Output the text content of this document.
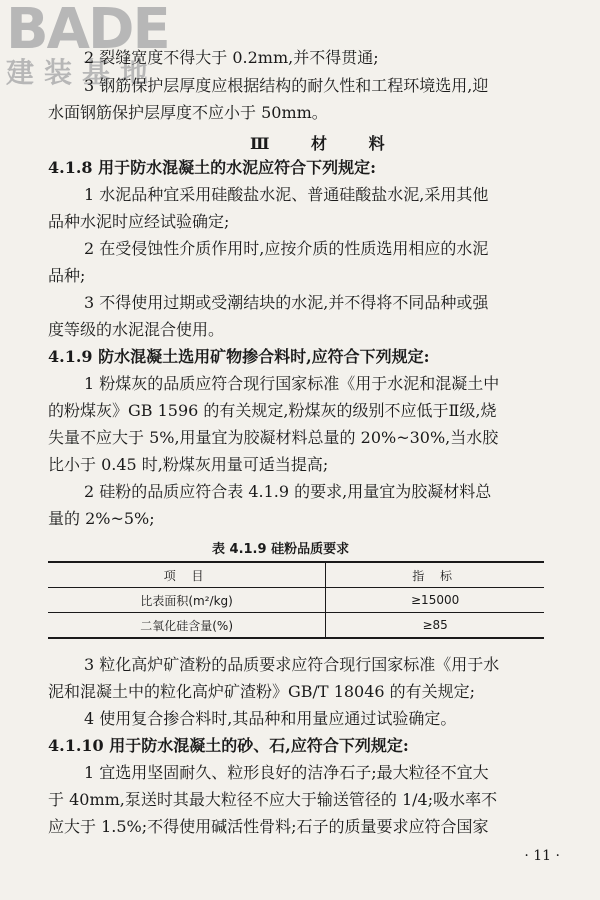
BADE
建装基地
2 裂缝宽度不得大于 0.2mm,并不得贯通;
3 钢筋保护层厚度应根据结构的耐久性和工程环境选用,迎
水面钢筋保护层厚度不应小于 50mm。
Ⅲ 材 料
4.1.8 用于防水混凝土的水泥应符合下列规定:
1 水泥品种宜采用硅酸盐水泥、普通硅酸盐水泥,采用其他
品种水泥时应经试验确定;
2 在受侵蚀性介质作用时,应按介质的性质选用相应的水泥
品种;
3 不得使用过期或受潮结块的水泥,并不得将不同品种或强
度等级的水泥混合使用。
4.1.9 防水混凝土选用矿物掺合料时,应符合下列规定:
1 粉煤灰的品质应符合现行国家标准《用于水泥和混凝土中
的粉煤灰》GB 1596 的有关规定,粉煤灰的级别不应低于Ⅱ级,烧
失量不应大于 5%,用量宜为胶凝材料总量的 20%~30%,当水胶
比小于 0.45 时,粉煤灰用量可适当提高;
2 硅粉的品质应符合表 4.1.9 的要求,用量宜为胶凝材料总
量的 2%~5%;
表 4.1.9 硅粉品质要求
项 目	指 标
比表面积(m²/kg)	≥15000
二氧化硅含量(%)	≥85
3 粒化高炉矿渣粉的品质要求应符合现行国家标准《用于水
泥和混凝土中的粒化高炉矿渣粉》GB/T 18046 的有关规定;
4 使用复合掺合料时,其品种和用量应通过试验确定。
4.1.10 用于防水混凝土的砂、石,应符合下列规定:
1 宜选用坚固耐久、粒形良好的洁净石子;最大粒径不宜大
于 40mm,泵送时其最大粒径不应大于输送管径的 1/4;吸水率不
应大于 1.5%;不得使用碱活性骨料;石子的质量要求应符合国家
· 11 ·
